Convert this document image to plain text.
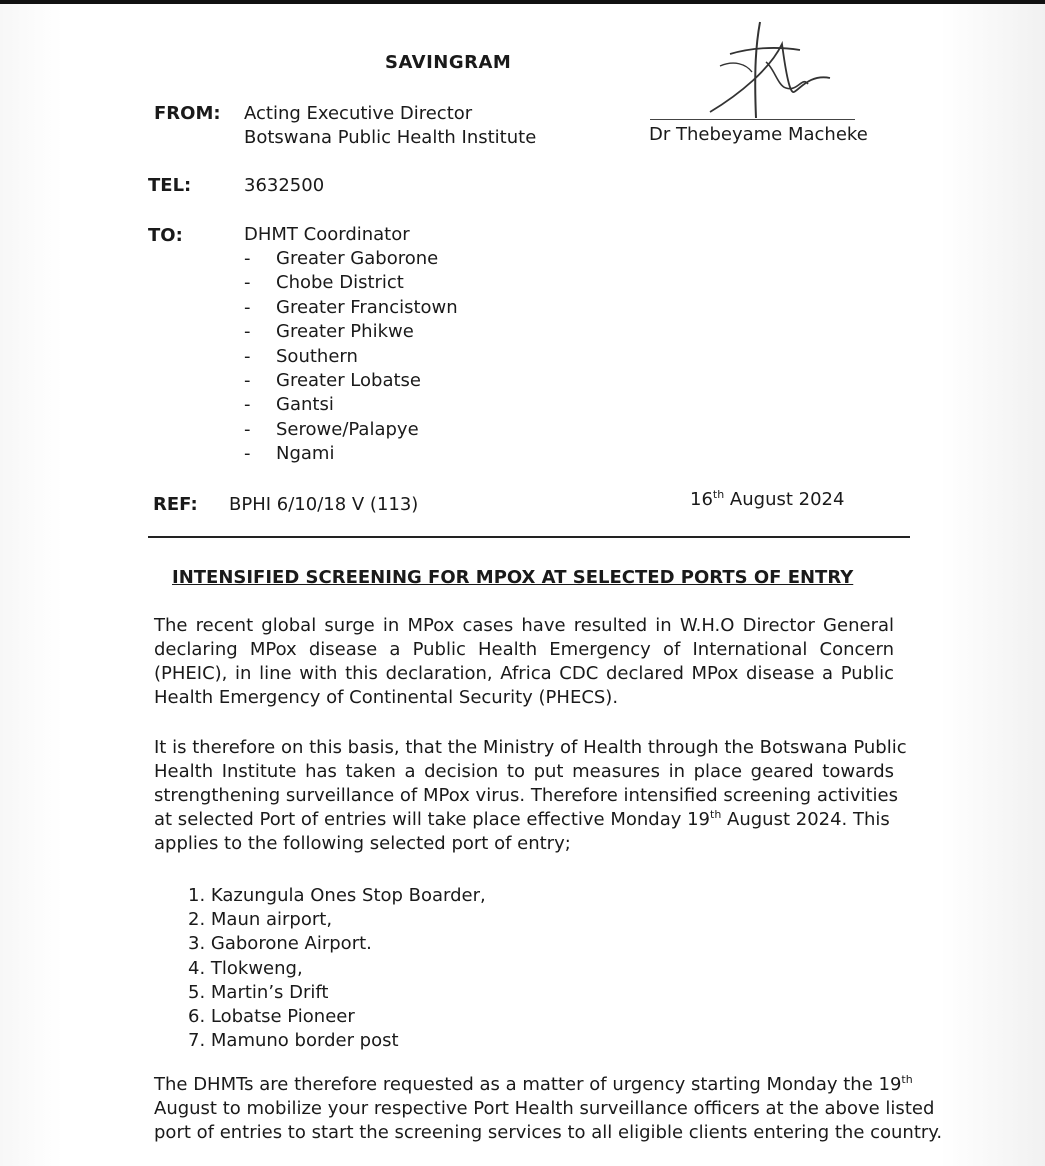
SAVINGRAM
FROM: Acting Executive Director
Botswana Public Health Institute	Dr Thebeyame Macheke
TEL:	3632500
TO:	DHMT Coordinator
- Greater Gaborone
- Chobe District
- Greater Francistown
- Greater Phikwe
- Southern
- Greater Lobatse
- Gantsi
- Serowe/Palapye
- Ngami
REF: BPHI 6/10/18 V (113)	16th August 2024
INTENSIFIED SCREENING FOR MPOX AT SELECTED PORTS OF ENTRY
The recent global surge in MPox cases have resulted in W.H.O Director General
declaring MPox disease a Public Health Emergency of International Concern
(PHEIC), in line with this declaration, Africa CDC declared MPox disease a Public
Health Emergency of Continental Security (PHECS).
It is therefore on this basis, that the Ministry of Health through the Botswana Public
Health Institute has taken a decision to put measures in place geared towards
strengthening surveillance of MPox virus. Therefore intensified screening activities
at selected Port of entries will take place effective Monday 19th August 2024. This
applies to the following selected port of entry;
1. Kazungula Ones Stop Boarder,
2. Maun airport,
3. Gaborone Airport.
4. Tlokweng,
5. Martin’s Drift
6. Lobatse Pioneer
7. Mamuno border post
The DHMTs are therefore requested as a matter of urgency starting Monday the 19th
August to mobilize your respective Port Health surveillance officers at the above listed
port of entries to start the screening services to all eligible clients entering the country.
